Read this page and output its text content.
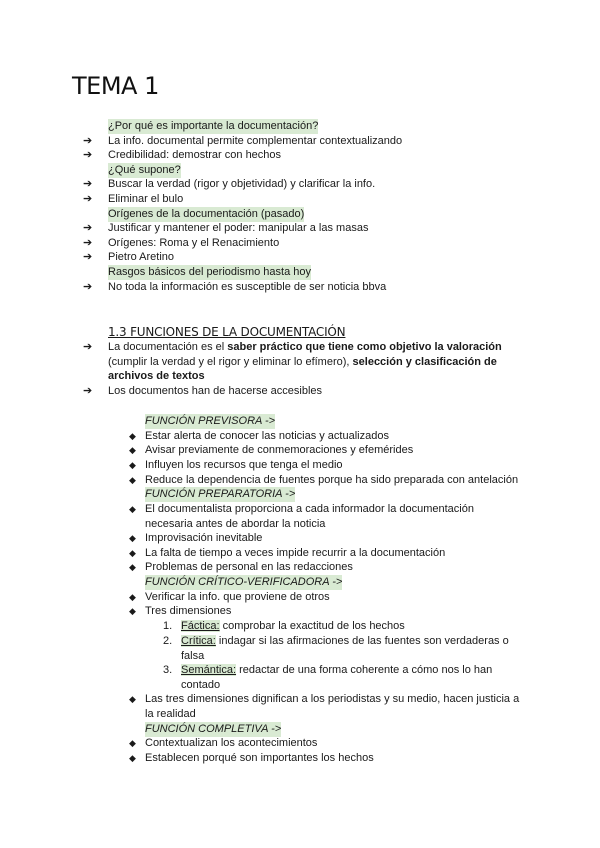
TEMA 1
¿Por qué es importante la documentación?
➔ La info. documental permite complementar contextualizando
➔ Credibilidad: demostrar con hechos
¿Qué supone?
➔ Buscar la verdad (rigor y objetividad) y clarificar la info.
➔ Eliminar el bulo
Orígenes de la documentación (pasado)
➔ Justificar y mantener el poder: manipular a las masas
➔ Orígenes: Roma y el Renacimiento
➔ Pietro Aretino
Rasgos básicos del periodismo hasta hoy
➔ No toda la información es susceptible de ser noticia bbva
1.3 FUNCIONES DE LA DOCUMENTACIÓN
➔ La documentación es el saber práctico que tiene como objetivo la valoración (cumplir la verdad y el rigor y eliminar lo efímero), selección y clasificación de archivos de textos
➔ Los documentos han de hacerse accesibles
FUNCIÓN PREVISORA ->
◆ Estar alerta de conocer las noticias y actualizados
◆ Avisar previamente de conmemoraciones y efemérides
◆ Influyen los recursos que tenga el medio
◆ Reduce la dependencia de fuentes porque ha sido preparada con antelación
FUNCIÓN PREPARATORIA ->
◆ El documentalista proporciona a cada informador la documentación necesaria antes de abordar la noticia
◆ Improvisación inevitable
◆ La falta de tiempo a veces impide recurrir a la documentación
◆ Problemas de personal en las redacciones
FUNCIÓN CRÍTICO-VERIFICADORA ->
◆ Verificar la info. que proviene de otros
◆ Tres dimensiones
1. Fáctica: comprobar la exactitud de los hechos
2. Crítica: indagar si las afirmaciones de las fuentes son verdaderas o falsa
3. Semántica: redactar de una forma coherente a cómo nos lo han contado
◆ Las tres dimensiones dignifican a los periodistas y su medio, hacen justicia a la realidad
FUNCIÓN COMPLETIVA ->
◆ Contextualizan los acontecimientos
◆ Establecen porqué son importantes los hechos
